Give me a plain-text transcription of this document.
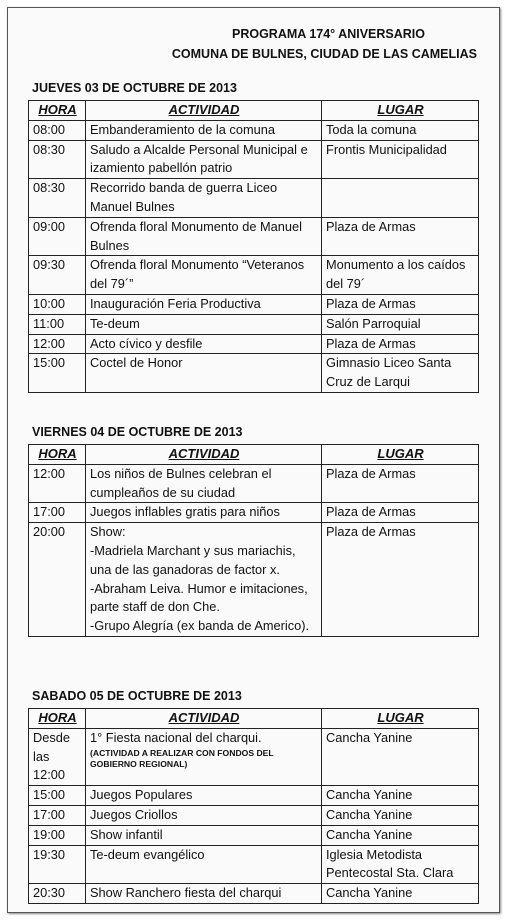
PROGRAMA 174° ANIVERSARIO
COMUNA DE BULNES, CIUDAD DE LAS CAMELIAS
JUEVES 03 DE OCTUBRE DE 2013
HORA	ACTIVIDAD	LUGAR
08:00	Embanderamiento de la comuna	Toda la comuna
08:30	Saludo a Alcalde Personal Municipal e izamiento pabellón patrio	Frontis Municipalidad
08:30	Recorrido banda de guerra Liceo Manuel Bulnes	
09:00	Ofrenda floral Monumento de Manuel Bulnes	Plaza de Armas
09:30	Ofrenda floral Monumento “Veteranos del 79´”	Monumento a los caídos del 79´
10:00	Inauguración Feria Productiva	Plaza de Armas
11:00	Te-deum	Salón Parroquial
12:00	Acto cívico y desfile	Plaza de Armas
15:00	Coctel de Honor	Gimnasio Liceo Santa Cruz de Larqui
VIERNES 04 DE OCTUBRE DE 2013
HORA	ACTIVIDAD	LUGAR
12:00	Los niños de Bulnes celebran el cumpleaños de su ciudad	Plaza de Armas
17:00	Juegos inflables gratis para niños	Plaza de Armas
20:00	Show:
-Madriela Marchant y sus mariachis, una de las ganadoras de factor x.
-Abraham Leiva. Humor e imitaciones, parte staff de don Che.
-Grupo Alegría (ex banda de Americo).	Plaza de Armas
SABADO 05 DE OCTUBRE DE 2013
HORA	ACTIVIDAD	LUGAR
Desde las 12:00	1° Fiesta nacional del charqui.
(ACTIVIDAD A REALIZAR CON FONDOS DEL GOBIERNO REGIONAL)	Cancha Yanine
15:00	Juegos Populares	Cancha Yanine
17:00	Juegos Criollos	Cancha Yanine
19:00	Show infantil	Cancha Yanine
19:30	Te-deum evangélico	Iglesia Metodista Pentecostal Sta. Clara
20:30	Show Ranchero fiesta del charqui	Cancha Yanine
